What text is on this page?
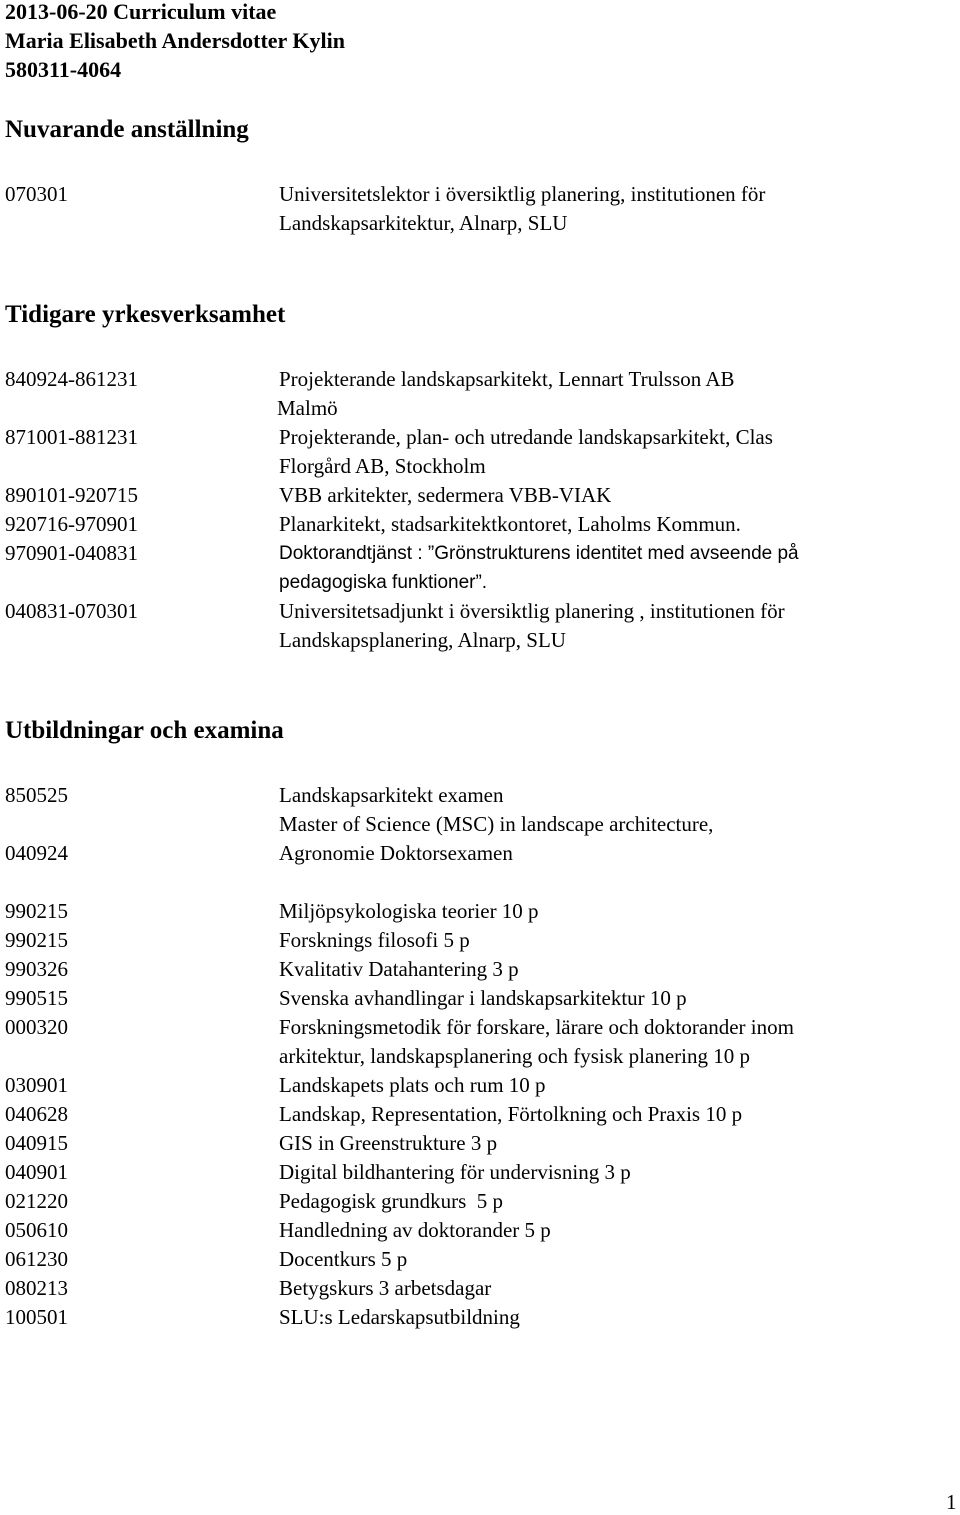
2013-06-20 Curriculum vitae
Maria Elisabeth Andersdotter Kylin
580311-4064
Nuvarande anställning
070301	Universitetslektor i översiktlig planering, institutionen för
Landskapsarkitektur, Alnarp, SLU
Tidigare yrkesverksamhet
840924-861231	Projekterande landskapsarkitekt, Lennart Trulsson AB
Malmö
871001-881231	Projekterande, plan- och utredande landskapsarkitekt, Clas
Florgård AB, Stockholm
890101-920715	VBB arkitekter, sedermera VBB-VIAK
920716-970901	Planarkitekt, stadsarkitektkontoret, Laholms Kommun.
970901-040831	Doktorandtjänst : ”Grönstrukturens identitet med avseende på
pedagogiska funktioner”.
040831-070301	Universitetsadjunkt i översiktlig planering , institutionen för
Landskapsplanering, Alnarp, SLU
Utbildningar och examina
850525	Landskapsarkitekt examen
Master of Science (MSC) in landscape architecture,
040924	Agronomie Doktorsexamen
990215	Miljöpsykologiska teorier 10 p
990215	Forsknings filosofi 5 p
990326	Kvalitativ Datahantering 3 p
990515	Svenska avhandlingar i landskapsarkitektur 10 p
000320	Forskningsmetodik för forskare, lärare och doktorander inom
arkitektur, landskapsplanering och fysisk planering 10 p
030901	Landskapets plats och rum 10 p
040628	Landskap, Representation, Förtolkning och Praxis 10 p
040915	GIS in Greenstrukture 3 p
040901	Digital bildhantering för undervisning 3 p
021220	Pedagogisk grundkurs  5 p
050610	Handledning av doktorander 5 p
061230	Docentkurs 5 p
080213	Betygskurs 3 arbetsdagar
100501	SLU:s Ledarskapsutbildning
1
